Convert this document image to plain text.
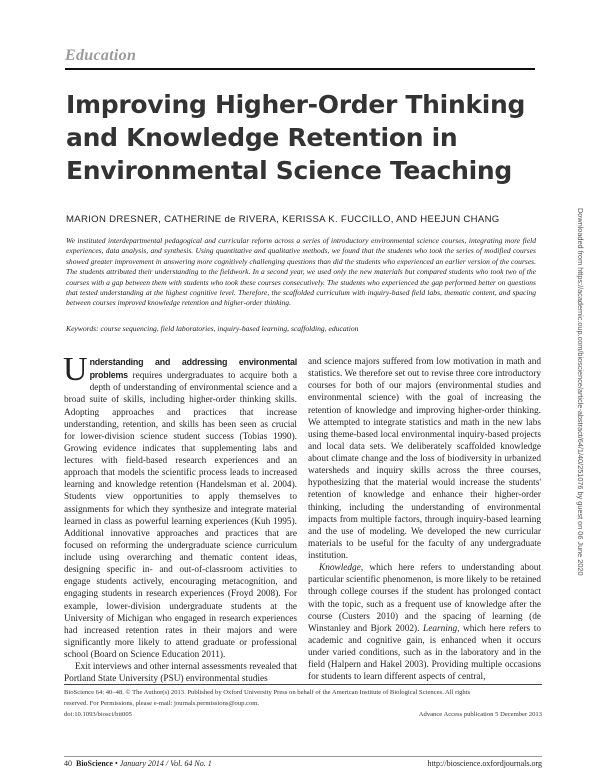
Education
Improving Higher-Order Thinking
and Knowledge Retention in
Environmental Science Teaching
MARION DRESNER, CATHERINE de RIVERA, KERISSA K. FUCCILLO, AND HEEJUN CHANG

We instituted interdepartmental pedagogical and curricular reform across a series of introductory environmental science courses, integrating more field experiences, data analysis, and synthesis. Using quantitative and qualitative methods, we found that the students who took the series of modified courses showed greater improvement in answering more cognitively challenging questions than did the students who experienced an earlier version of the courses. The students attributed their understanding to the fieldwork. In a second year, we used only the new materials but compared students who took two of the courses with a gap between them with students who took these courses consecutively. The students who experienced the gap performed better on questions that tested understanding at the highest cognitive level. Therefore, the scaffolded curriculum with inquiry-based field labs, thematic content, and spacing between courses improved knowledge retention and higher-order thinking.

Keywords: course sequencing, field laboratories, inquiry-based learning, scaffolding, education

Understanding and addressing environmental problems requires undergraduates to acquire both a depth of understanding of environmental science and a broad suite of skills, including higher-order thinking skills. Adopting approaches and practices that increase understanding, retention, and skills has been seen as crucial for lower-division science student success (Tobias 1990). Growing evidence indicates that supplementing labs and lectures with field-based research experiences and an approach that models the scientific process leads to increased learning and knowledge retention (Handelsman et al. 2004). Students view opportunities to apply themselves to assignments for which they synthesize and integrate material learned in class as powerful learning experiences (Kuh 1995). Additional innovative approaches and practices that are focused on reforming the undergraduate science curriculum include using overarching and thematic content ideas, designing specific in- and out-of-classroom activities to engage students actively, encouraging metacognition, and engaging students in research experiences (Froyd 2008). For example, lower-division undergraduate students at the University of Michigan who engaged in research experiences had increased retention rates in their majors and were significantly more likely to attend graduate or professional school (Board on Science Education 2011).

Exit interviews and other internal assessments revealed that Portland State University (PSU) environmental studies

and science majors suffered from low motivation in math and statistics. We therefore set out to revise three core introductory courses for both of our majors (environmental studies and environmental science) with the goal of increasing the retention of knowledge and improving higher-order thinking. We attempted to integrate statistics and math in the new labs using theme-based local environmental inquiry-based projects and local data sets. We deliberately scaffolded knowledge about climate change and the loss of biodiversity in urbanized watersheds and inquiry skills across the three courses, hypothesizing that the material would increase the students' retention of knowledge and enhance their higher-order thinking, including the understanding of environmental impacts from multiple factors, through inquiry-based learning and the use of modeling. We developed the new curricular materials to be useful for the faculty of any undergraduate institution.

Knowledge, which here refers to understanding about particular scientific phenomenon, is more likely to be retained through college courses if the student has prolonged contact with the topic, such as a frequent use of knowledge after the course (Custers 2010) and the spacing of learning (de Winstanley and Bjork 2002). Learning, which here refers to academic and cognitive gain, is enhanced when it occurs under varied conditions, such as in the laboratory and in the field (Halpern and Hakel 2003). Providing multiple occasions for students to learn different aspects of central,

BioScience 64: 40–48. © The Author(s) 2013. Published by Oxford University Press on behalf of the American Institute of Biological Sciences. All rights
reserved. For Permissions, please e-mail: journals.permissions@oup.com.
doi:10.1093/biosci/bit005	Advance Access publication 5 December 2013
40 BioScience • January 2014 / Vol. 64 No. 1	http://bioscience.oxfordjournals.org
Downloaded from https://academic.oup.com/bioscience/article-abstract/64/1/40/251076 by guest on 06 June 2020
